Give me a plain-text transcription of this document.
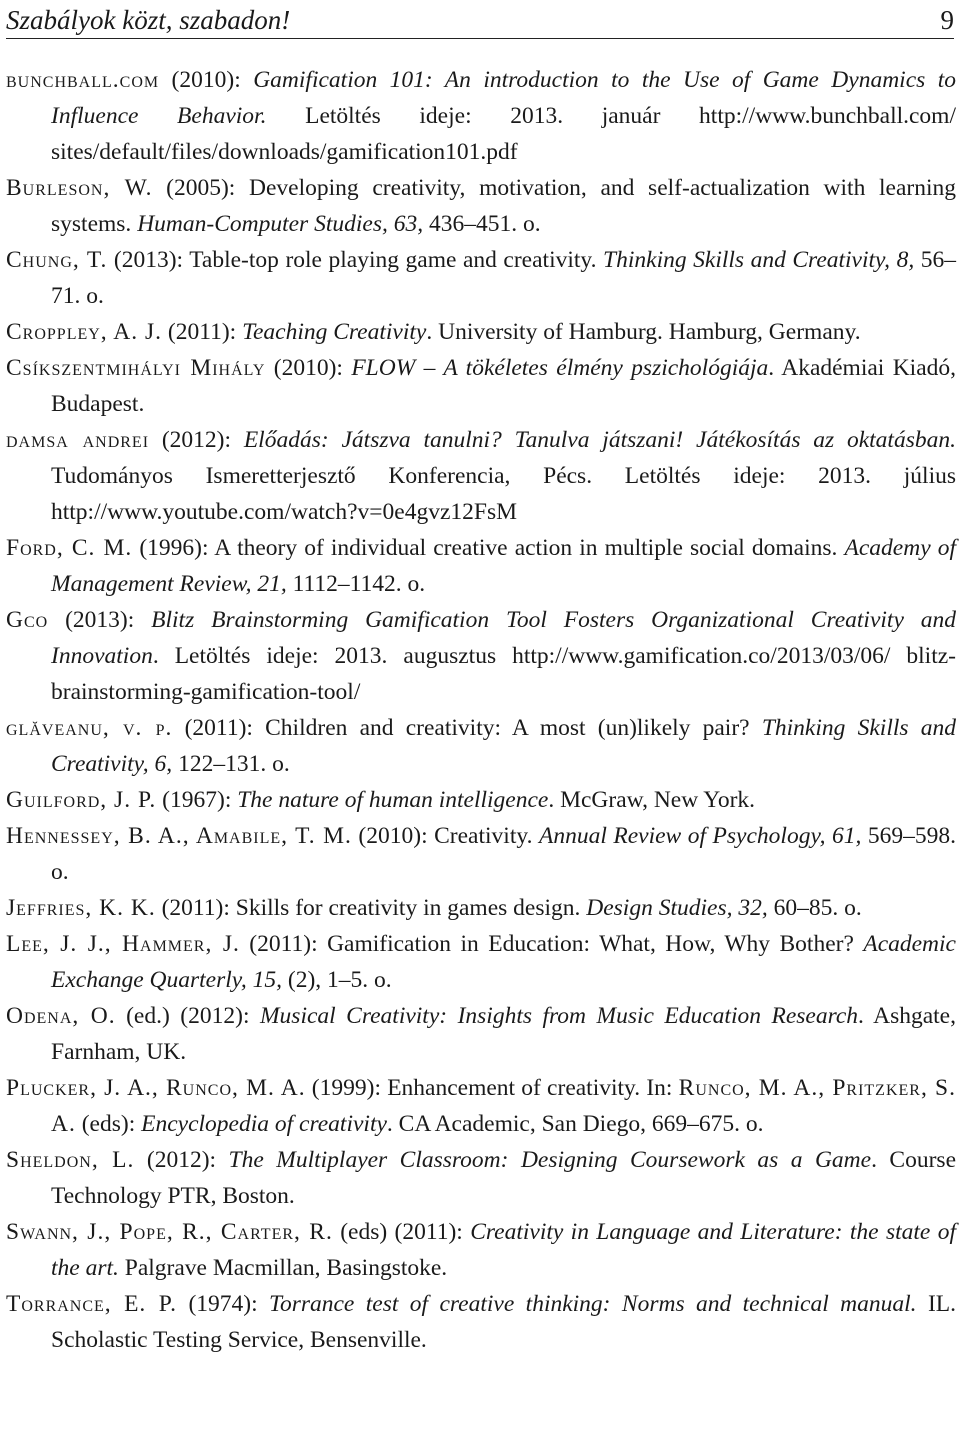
Szabályok közt, szabadon!	9

bunchball.com (2010): Gamification 101: An introduction to the Use of Game Dynamics to Influence Behavior. Letöltés ideje: 2013. január http://www.bunchball.com/ sites/default/files/downloads/gamification101.pdf

Burleson, W. (2005): Developing creativity, motivation, and self-actualization with learning systems. Human-Computer Studies, 63, 436–451. o.

Chung, T. (2013): Table-top role playing game and creativity. Thinking Skills and Creativity, 8, 56–71. o.

Croppley, A. J. (2011): Teaching Creativity. University of Hamburg. Hamburg, Germany.

Csíkszentmihályi Mihály (2010): FLOW – A tökéletes élmény pszichológiája. Akadémiai Kiadó, Budapest.

damsa andrei (2012): Előadás: Játszva tanulni? Tanulva játszani! Játékosítás az oktatásban. Tudományos Ismeretterjesztő Konferencia, Pécs. Letöltés ideje: 2013. július http://www.youtube.com/watch?v=0e4gvz12FsM

Ford, C. M. (1996): A theory of individual creative action in multiple social domains. Academy of Management Review, 21, 1112–1142. o.

Gco (2013): Blitz Brainstorming Gamification Tool Fosters Organizational Creativity and Innovation. Letöltés ideje: 2013. augusztus http://www.gamification.co/2013/03/06/ blitz-brainstorming-gamification-tool/

glăveanu, v. p. (2011): Children and creativity: A most (un)likely pair? Thinking Skills and Creativity, 6, 122–131. o.

Guilford, J. P. (1967): The nature of human intelligence. McGraw, New York.

Hennessey, B. A., Amabile, T. M. (2010): Creativity. Annual Review of Psychology, 61, 569–598. o.

Jeffries, K. K. (2011): Skills for creativity in games design. Design Studies, 32, 60–85. o.

Lee, J. J., Hammer, J. (2011): Gamification in Education: What, How, Why Bother? Academic Exchange Quarterly, 15, (2), 1–5. o.

Odena, O. (ed.) (2012): Musical Creativity: Insights from Music Education Research. Ashgate, Farnham, UK.

Plucker, J. A., Runco, M. A. (1999): Enhancement of creativity. In: Runco, M. A., Pritzker, S. A. (eds): Encyclopedia of creativity. CA Academic, San Diego, 669–675. o.

Sheldon, L. (2012): The Multiplayer Classroom: Designing Coursework as a Game. Course Technology PTR, Boston.

Swann, J., Pope, R., Carter, R. (eds) (2011): Creativity in Language and Literature: the state of the art. Palgrave Macmillan, Basingstoke.

Torrance, E. P. (1974): Torrance test of creative thinking: Norms and technical manual. IL. Scholastic Testing Service, Bensenville.
